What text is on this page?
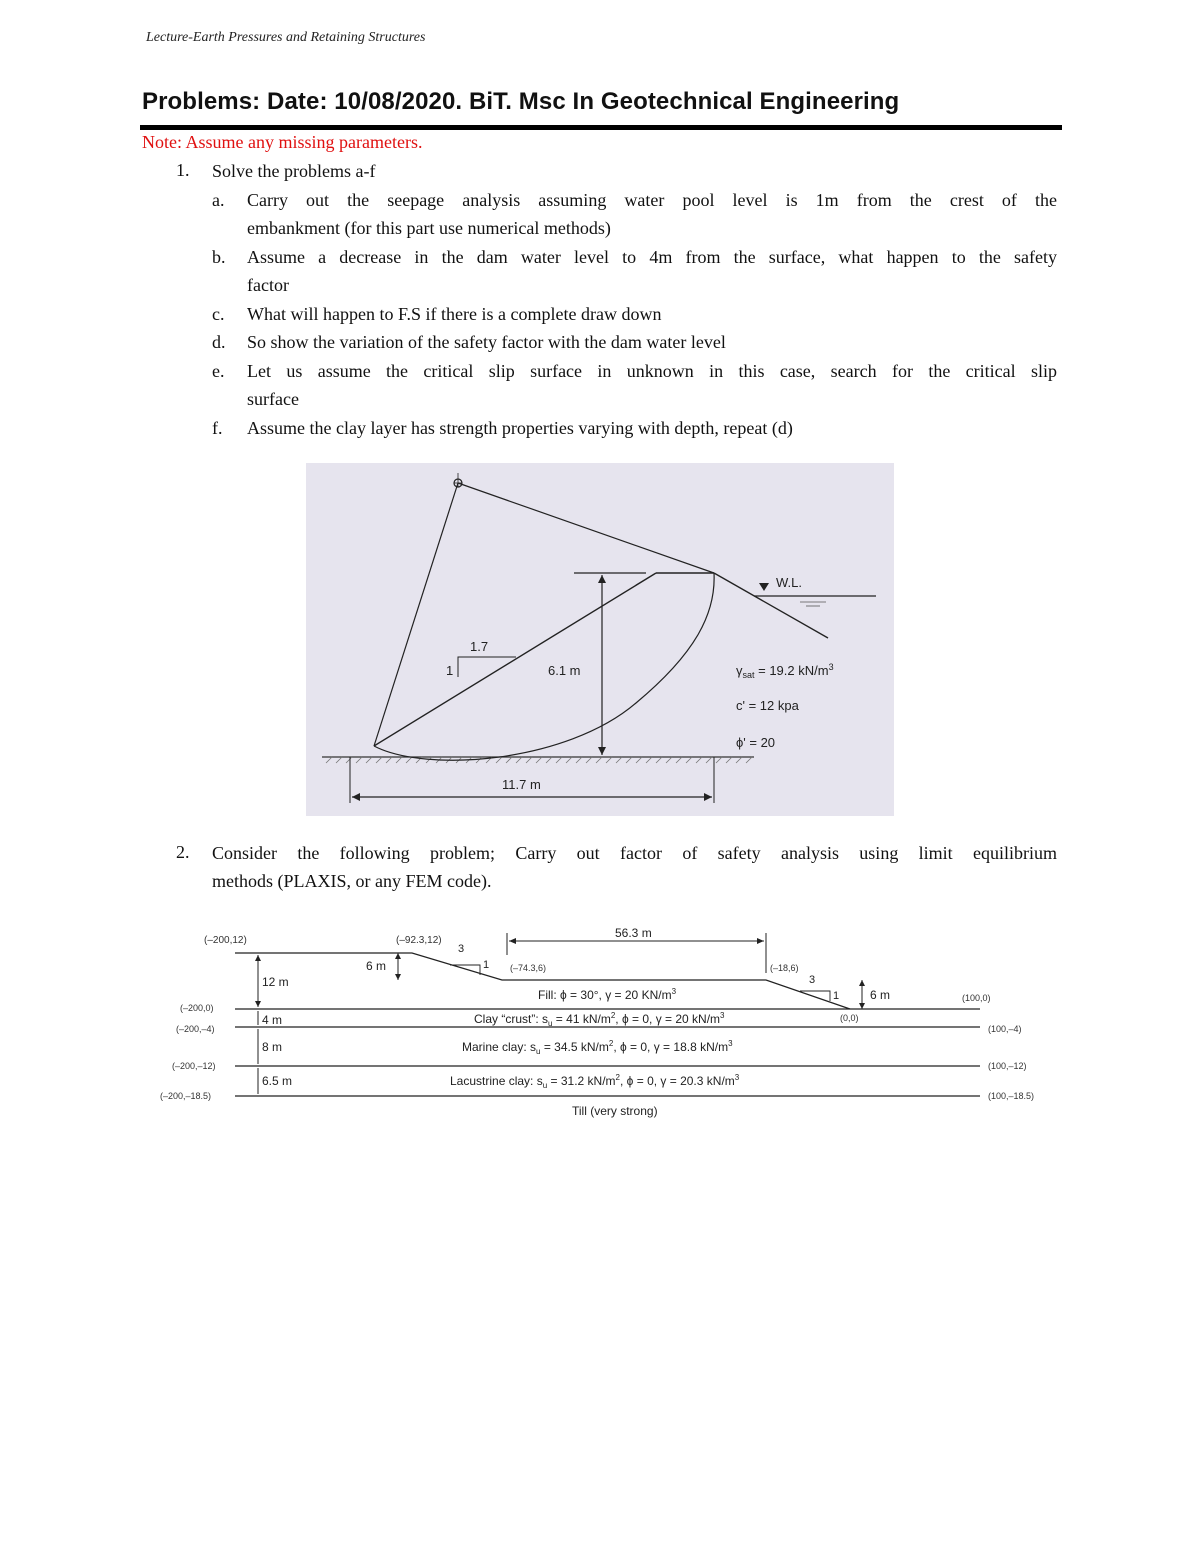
Lecture-Earth Pressures and Retaining Structures
Problems: Date: 10/08/2020. BiT. Msc In Geotechnical Engineering
Note: Assume any missing parameters.
1. Solve the problems a-f
a. Carry out the seepage analysis assuming water pool level is 1m from the crest of the
embankment (for this part use numerical methods)
b. Assume a decrease in the dam water level to 4m from the surface, what happen to the safety
factor
c. What will happen to F.S if there is a complete draw down
d. So show the variation of the safety factor with the dam water level
e. Let us assume the critical slip surface in unknown in this case, search for the critical slip
surface
f. Assume the clay layer has strength properties varying with depth, repeat (d)
W.L.
1.7
1	6.1 m
11.7 m
$\gamma_{sat} = 19.2$ $kN/m^3$
c' = 12 kpa
ϕ' = 20
2. Consider the following problem; Carry out factor of safety analysis using limit equilibrium
methods (PLAXIS, or any FEM code).
(–200,12)	(–92.3,12)
(–74.3,6)	(–18,6)
(0,0)
(100,0)
(–200,0)
(–200,–4)	(100,–4)
(–200,–12)	(100,–12)
(–200,–18.5)	(100,–18.5)
56.3 m
3
1
3
1
6 m
6 m
12 m
4 m
8 m
6.5 m
Fill: ϕ = 30°, γ = 20 $KN/m^3$
Clay “crust”: $s_u = 41$ $kN/m^2$, ϕ = 0, γ = 20 $kN/m^3$
Marine clay: $s_u = 34.5$ $kN/m^2$, ϕ = 0, γ = 18.8 $kN/m^3$
Lacustrine clay: $s_u = 31.2$ $kN/m^2$, ϕ = 0, γ = 20.3 $kN/m^3$
Till (very strong)
